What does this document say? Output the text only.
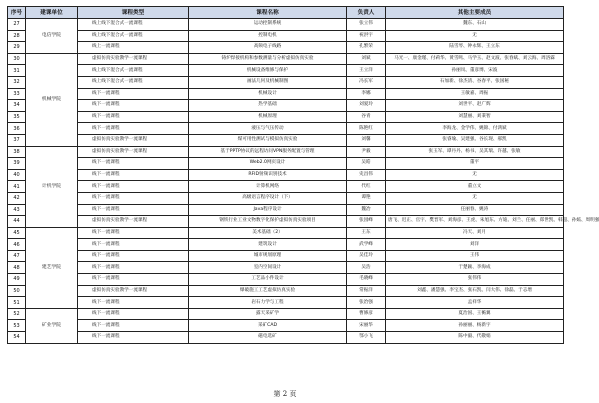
序号	建课单位	课程类型	课程名称	负责人	其他主要成员
27	电信学院	线上线下混合式一流课程	运动控制系统	张立伟	魏东、石山
28		线上线下混合式一流课程	控制电机	祝洪宇	无
29		线上一流课程	高频电子线路	孔繁荣	陆雪琴、钟永辉、王立东
30	机械学院	虚拟仿真实验教学一流课程	铸炉焊接机构和参数测量与分析虚拟仿真实验	刘斌	马光一、康金瑾、付莉华、黄雪鸣、马学玉、赵文波、张春斌、刘云海、周洛霖
31		线上线下混合式一流课程	机械设备维修与保护	王立洋	孙丽岚、董彦博、宋波
32		线上线下混合式一流课程	画法几何及机械制图	冯长军	石加新、徐杰清、谷春平、张国秘
33		线下一流课程	机械设计	李娜	王敏嘉、周振
34		线下一流课程	热学基础	刘爱玲	刘世平、赵广辉
35		线下一流课程	机械原理	谷青	刘慧丽、刘秉智
36		线下一流课程	液压与气压传动	陈艳红	李海龙、金学伟、姚锦、付鸿斌
37		虚拟仿真实验教学一流课程	煤可用性测试与模拟仿真实验	刘馨	张睿瑜、吴建强、谷长现、郝凯
38	计机学院	虚拟仿真实验教学一流课程	基于PPTP协议的远程访问VPN服务配置与管理	尹毅	张玉军、谭丹丹、杨书、吴其瑞、许越、张敏
39		线下一流课程	Web2.0网页设计	吴皓	董平
40		线下一流课程	RFID射频识别技术	史昌伟	无
41		线下一流课程	计算机网络	代红	董立文
42		线下一流课程	高级语言程序设计（下）	谭艳	无
43		线下一流课程	Java程序设计	魏冶	任丽春、姚涛
44		虚拟仿真实验教学一流课程	钢铁行业工业文物数字化保护虚拟仿真实验项目	张园峰	唐飞、迟正、官宇、樊晋军、刘海彦、王虎、朱旭东、方迪、刘兰、任丽、郑世凯、韩超、孙嫣、周明强
45	建艺学院	线下一流课程	美术基础（2）	王东	冯天、刘月
46		线下一流课程	建筑设计	武学峰	刘洋
47		线下一流课程	城市规划原理	吴佳玲	王伟
48		线下一流课程	室内空间设计	吴浩	于楚颖、李海成
49		线下一流课程	工艺品小件设计	毛晓峰	张伟伟
50		虚拟仿真实验教学一流课程	爆破施工工艺虚拟仿真实验	常振洋	刘鑫、潘慧强、李宝杰、张石凯、闫大伟、徐磊、于志增
51		线下一流课程	岩石力学与工程	张治强	孟祥华
52	矿业学院	线下一流课程	露天采矿学	曹修彦	夏治国、王蘅翼
53		线下一流课程	采矿CAD	宋丽华	孙丽丽、杨新宇
54		线下一流课程	磁电选矿	鄂小飞	陈中毅、代敬娟
第 2 页
